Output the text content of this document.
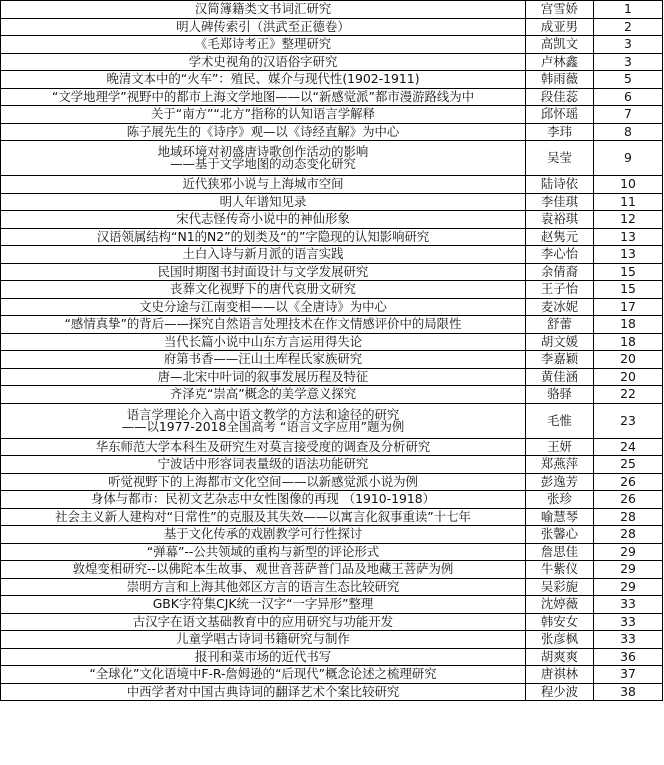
汉简簿籍类文书词汇研究	宫雪娇	1
明人碑传索引（洪武至正德卷）	成亚男	2
《毛郑诗考正》整理研究	高凯文	3
学术史视角的汉语俗字研究	卢林鑫	3
晚清文本中的“火车”：殖民、媒介与现代性(1902-1911)	韩雨薇	5
“文学地理学”视野中的都市上海文学地图——以“新感觉派”都市漫游路线为中	段佳蕊	6
关于“南方”“北方”指称的认知语言学解释	邱怀瑶	7
陈子展先生的《诗序》观—以《诗经直解》为中心	李玮	8

地域环境对初盛唐诗歌创作活动的影响
——基于文学地图的动态变化研究	吴莹	9
近代狭邪小说与上海城市空间	陆诗依	10
明人年谱知见录	李佳琪	11
宋代志怪传奇小说中的神仙形象	袁裕琪	12
汉语领属结构“N1的N2”的划类及“的”字隐现的认知影响研究	赵隽元	13
土白入诗与新月派的语言实践	李心怡	13
民国时期图书封面设计与文学发展研究	余倩裔	15
丧葬文化视野下的唐代哀册文研究	王子怡	15
文史分途与江南变相——以《全唐诗》为中心	麦冰妮	17
“感情真挚”的背后——探究自然语言处理技术在作文情感评价中的局限性	舒蕾	18
当代长篇小说中山东方言运用得失论	胡文媛	18
府第书香——汪山土库程氏家族研究	李嘉颖	20
唐—北宋中叶词的叙事发展历程及特征	黄佳涵	20
齐泽克“崇高”概念的美学意义探究	骆驿	22

语言学理论介入高中语文教学的方法和途径的研究
——以1977-2018全国高考 “语言文字应用”题为例	毛惟	23
华东师范大学本科生及研究生对莫言接受度的调查及分析研究	王妍	24
宁波话中形容词表量级的语法功能研究	郑燕萍	25
听觉视野下的上海都市文化空间——以新感觉派小说为例	彭逸芳	26
身体与都市：民初文艺杂志中女性图像的再现 （1910-1918）	张珍	26
社会主义新人建构对“日常性”的克服及其失效——以寓言化叙事重读”十七年	喻慧琴	28
基于文化传承的戏剧教学可行性探讨	张馨心	28
“弹幕”--公共领域的重构与新型的评论形式	詹思佳	29
敦煌变相研究--以佛陀本生故事、观世音菩萨普门品及地藏王菩萨为例	牛紫仪	29
崇明方言和上海其他郊区方言的语言生态比较研究	吴彩旎	29
GBK字符集CJK统一汉字“一字异形”整理	沈婷薇	33
古汉字在语文基础教育中的应用研究与功能开发	韩安女	33
儿童学唱古诗词书籍研究与制作	张彦枫	33
报刊和菜市场的近代书写	胡爽爽	36
“全球化”文化语境中F-R-詹姆逊的“后现代”概念论述之梳理研究	唐祺林	37
中西学者对中国古典诗词的翻译艺术个案比较研究	程少波	38
